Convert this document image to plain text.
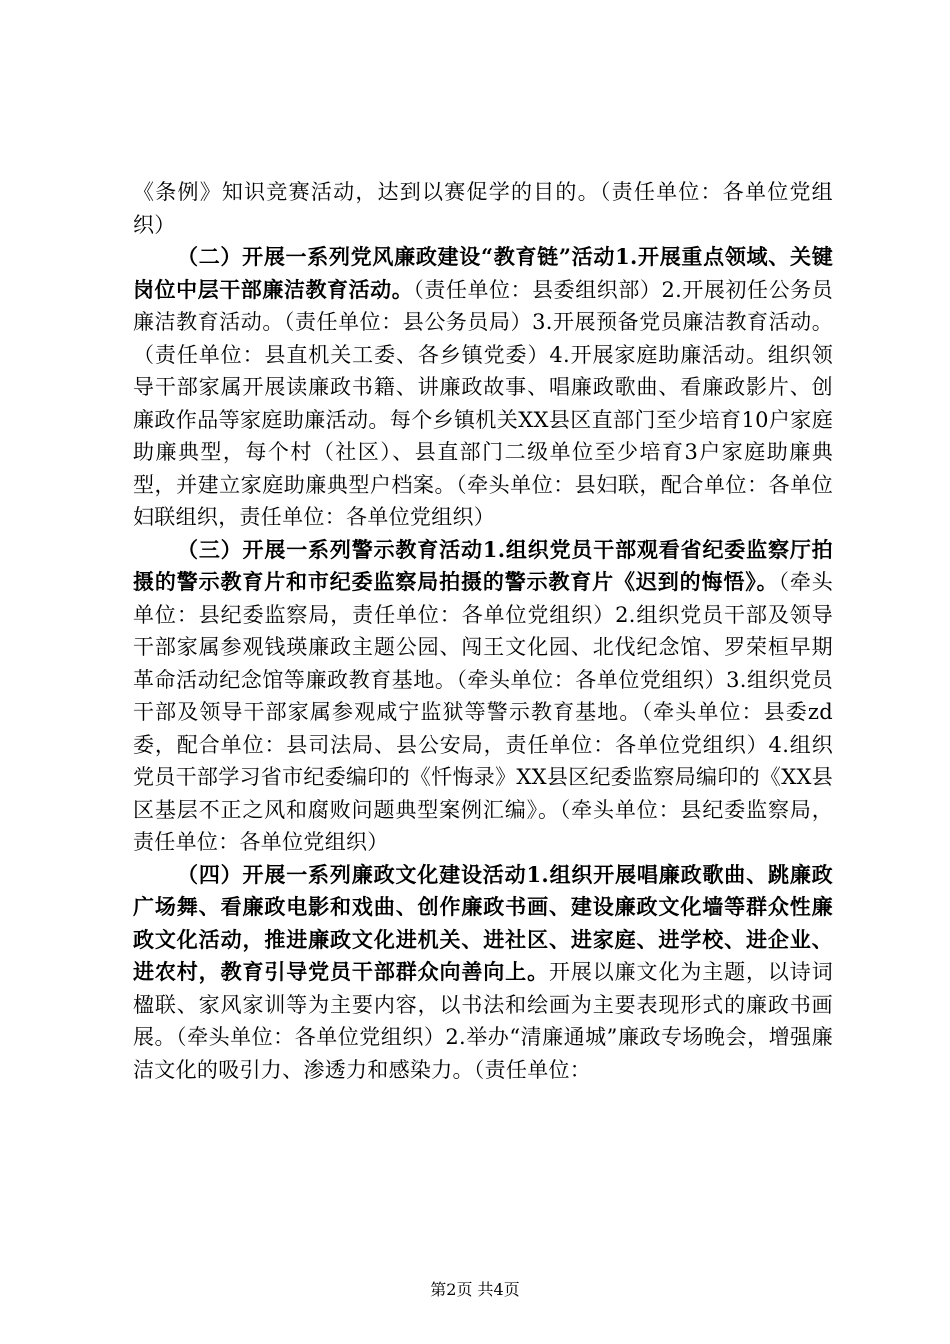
《条例》知识竞赛活动，达到以赛促学的目的。（责任单位：各单位党组织）

（二）开展一系列党风廉政建设“教育链”活动1.开展重点领域、关键岗位中层干部廉洁教育活动。（责任单位：县委组织部）2.开展初任公务员廉洁教育活动。（责任单位：县公务员局）3.开展预备党员廉洁教育活动。（责任单位：县直机关工委、各乡镇党委）4.开展家庭助廉活动。组织领导干部家属开展读廉政书籍、讲廉政故事、唱廉政歌曲、看廉政影片、创廉政作品等家庭助廉活动。每个乡镇机关XX县区直部门至少培育10户家庭助廉典型，每个村（社区）、县直部门二级单位至少培育3户家庭助廉典型，并建立家庭助廉典型户档案。（牵头单位：县妇联，配合单位：各单位妇联组织，责任单位：各单位党组织）

（三）开展一系列警示教育活动1.组织党员干部观看省纪委监察厅拍摄的警示教育片和市纪委监察局拍摄的警示教育片《迟到的悔悟》。（牵头单位：县纪委监察局，责任单位：各单位党组织）2.组织党员干部及领导干部家属参观钱瑛廉政主题公园、闯王文化园、北伐纪念馆、罗荣桓早期革命活动纪念馆等廉政教育基地。（牵头单位：各单位党组织）3.组织党员干部及领导干部家属参观咸宁监狱等警示教育基地。（牵头单位：县委zd委，配合单位：县司法局、县公安局，责任单位：各单位党组织）4.组织党员干部学习省市纪委编印的《忏悔录》XX县区纪委监察局编印的《XX县区基层不正之风和腐败问题典型案例汇编》。（牵头单位：县纪委监察局，责任单位：各单位党组织）

（四）开展一系列廉政文化建设活动1.组织开展唱廉政歌曲、跳廉政广场舞、看廉政电影和戏曲、创作廉政书画、建设廉政文化墙等群众性廉政文化活动，推进廉政文化进机关、进社区、进家庭、进学校、进企业、进农村，教育引导党员干部群众向善向上。开展以廉文化为主题，以诗词楹联、家风家训等为主要内容，以书法和绘画为主要表现形式的廉政书画展。（牵头单位：各单位党组织）2.举办“清廉通城”廉政专场晚会，增强廉洁文化的吸引力、渗透力和感染力。（责任单位：

第2页 共4页
